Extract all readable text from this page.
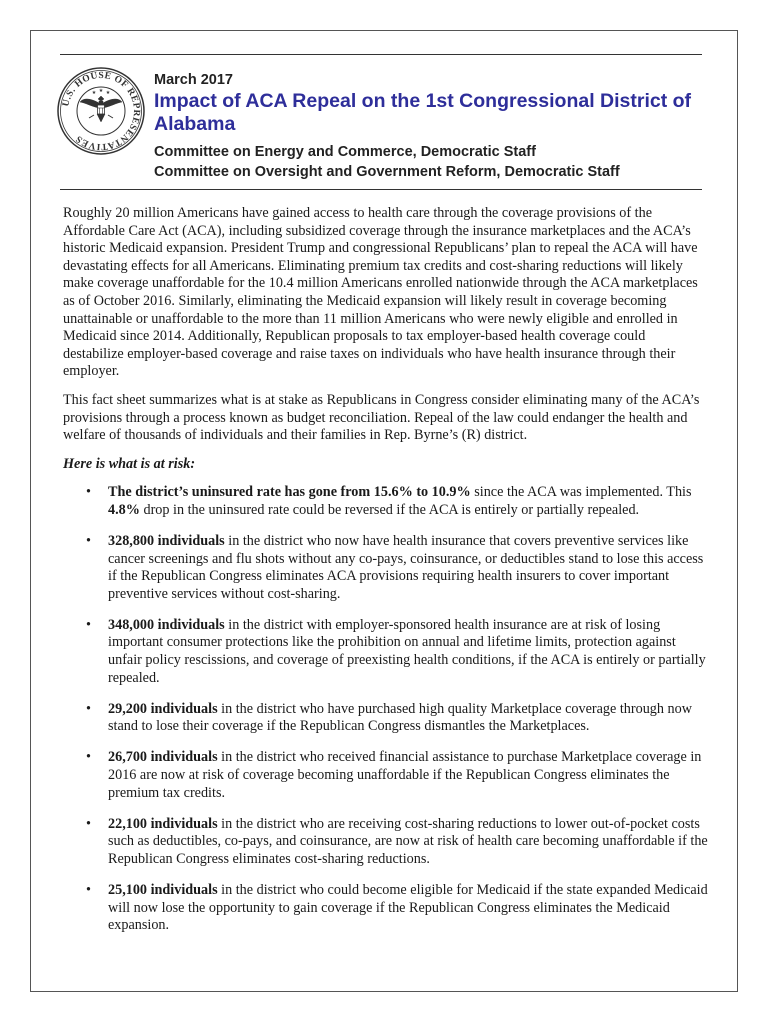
U.S. HOUSE OF REPRESENTATIVES
★ ★ ★
March 2017
Impact of ACA Repeal on the 1st Congressional District of Alabama
Committee on Energy and Commerce, Democratic Staff
Committee on Oversight and Government Reform, Democratic Staff

Roughly 20 million Americans have gained access to health care through the coverage provisions of the Affordable Care Act (ACA), including subsidized coverage through the insurance marketplaces and the ACA’s historic Medicaid expansion. President Trump and congressional Republicans’ plan to repeal the ACA will have devastating effects for all Americans. Eliminating premium tax credits and cost-sharing reductions will likely make coverage unaffordable for the 10.4 million Americans enrolled nationwide through the ACA marketplaces as of October 2016. Similarly, eliminating the Medicaid expansion will likely result in coverage becoming unattainable or unaffordable to the more than 11 million Americans who were newly eligible and enrolled in Medicaid since 2014. Additionally, Republican proposals to tax employer-based health coverage could destabilize employer-based coverage and raise taxes on individuals who have health insurance through their employer.

This fact sheet summarizes what is at stake as Republicans in Congress consider eliminating many of the ACA’s provisions through a process known as budget reconciliation. Repeal of the law could endanger the health and welfare of thousands of individuals and their families in Rep. Byrne’s (R) district.

Here is what is at risk:

• The district’s uninsured rate has gone from 15.6% to 10.9% since the ACA was implemented. This 4.8% drop in the uninsured rate could be reversed if the ACA is entirely or partially repealed.
• 328,800 individuals in the district who now have health insurance that covers preventive services like cancer screenings and flu shots without any co-pays, coinsurance, or deductibles stand to lose this access if the Republican Congress eliminates ACA provisions requiring health insurers to cover important preventive services without cost-sharing.
• 348,000 individuals in the district with employer-sponsored health insurance are at risk of losing important consumer protections like the prohibition on annual and lifetime limits, protection against unfair policy rescissions, and coverage of preexisting health conditions, if the ACA is entirely or partially repealed.
• 29,200 individuals in the district who have purchased high quality Marketplace coverage through now stand to lose their coverage if the Republican Congress dismantles the Marketplaces.
• 26,700 individuals in the district who received financial assistance to purchase Marketplace coverage in 2016 are now at risk of coverage becoming unaffordable if the Republican Congress eliminates the premium tax credits.
• 22,100 individuals in the district who are receiving cost-sharing reductions to lower out-of-pocket costs such as deductibles, co-pays, and coinsurance, are now at risk of health care becoming unaffordable if the Republican Congress eliminates cost-sharing reductions.
• 25,100 individuals in the district who could become eligible for Medicaid if the state expanded Medicaid will now lose the opportunity to gain coverage if the Republican Congress eliminates the Medicaid expansion.
